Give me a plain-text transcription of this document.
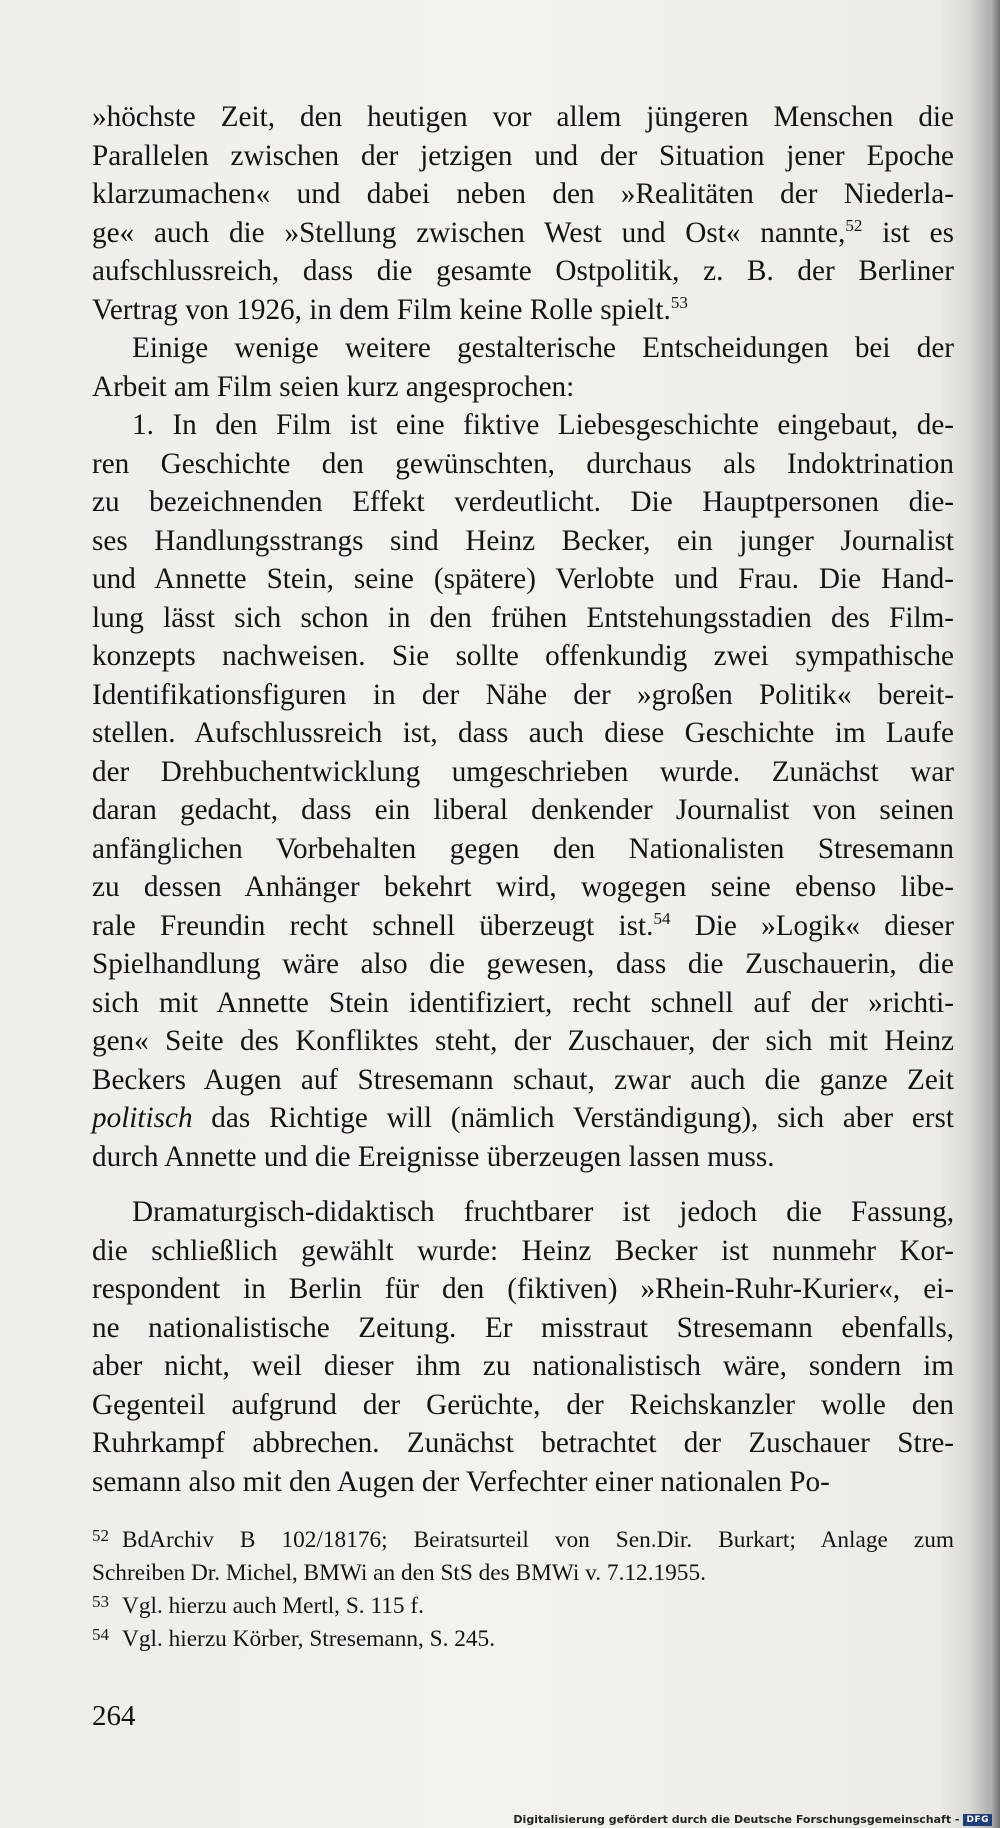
»höchste Zeit, den heutigen vor allem jüngeren Menschen die
Parallelen zwischen der jetzigen und der Situation jener Epoche
klarzumachen« und dabei neben den »Realitäten der Niederla-
ge« auch die »Stellung zwischen West und Ost« nannte,$^{52}$ ist es
aufschlussreich, dass die gesamte Ostpolitik, z. B. der Berliner
Vertrag von 1926, in dem Film keine Rolle spielt.$^{53}$
Einige wenige weitere gestalterische Entscheidungen bei der
Arbeit am Film seien kurz angesprochen:
1. In den Film ist eine fiktive Liebesgeschichte eingebaut, de-
ren Geschichte den gewünschten, durchaus als Indoktrination
zu bezeichnenden Effekt verdeutlicht. Die Hauptpersonen die-
ses Handlungsstrangs sind Heinz Becker, ein junger Journalist
und Annette Stein, seine (spätere) Verlobte und Frau. Die Hand-
lung lässt sich schon in den frühen Entstehungsstadien des Film-
konzepts nachweisen. Sie sollte offenkundig zwei sympathische
Identifikationsfiguren in der Nähe der »großen Politik« bereit-
stellen. Aufschlussreich ist, dass auch diese Geschichte im Laufe
der Drehbuchentwicklung umgeschrieben wurde. Zunächst war
daran gedacht, dass ein liberal denkender Journalist von seinen
anfänglichen Vorbehalten gegen den Nationalisten Stresemann
zu dessen Anhänger bekehrt wird, wogegen seine ebenso libe-
rale Freundin recht schnell überzeugt ist.$^{54}$ Die »Logik« dieser
Spielhandlung wäre also die gewesen, dass die Zuschauerin, die
sich mit Annette Stein identifiziert, recht schnell auf der »richti-
gen« Seite des Konfliktes steht, der Zuschauer, der sich mit Heinz
Beckers Augen auf Stresemann schaut, zwar auch die ganze Zeit
politisch das Richtige will (nämlich Verständigung), sich aber erst
durch Annette und die Ereignisse überzeugen lassen muss.
Dramaturgisch-didaktisch fruchtbarer ist jedoch die Fassung,
die schließlich gewählt wurde: Heinz Becker ist nunmehr Kor-
respondent in Berlin für den (fiktiven) »Rhein-Ruhr-Kurier«, ei-
ne nationalistische Zeitung. Er misstraut Stresemann ebenfalls,
aber nicht, weil dieser ihm zu nationalistisch wäre, sondern im
Gegenteil aufgrund der Gerüchte, der Reichskanzler wolle den
Ruhrkampf abbrechen. Zunächst betrachtet der Zuschauer Stre-
semann also mit den Augen der Verfechter einer nationalen Po-
52 BdArchiv B 102/18176; Beiratsurteil von Sen.Dir. Burkart; Anlage zum
Schreiben Dr. Michel, BMWi an den StS des BMWi v. 7.12.1955.
53 Vgl. hierzu auch Mertl, S. 115 f.
54 Vgl. hierzu Körber, Stresemann, S. 245.
264
Digitalisierung gefördert durch die Deutsche Forschungsgemeinschaft - DFG
